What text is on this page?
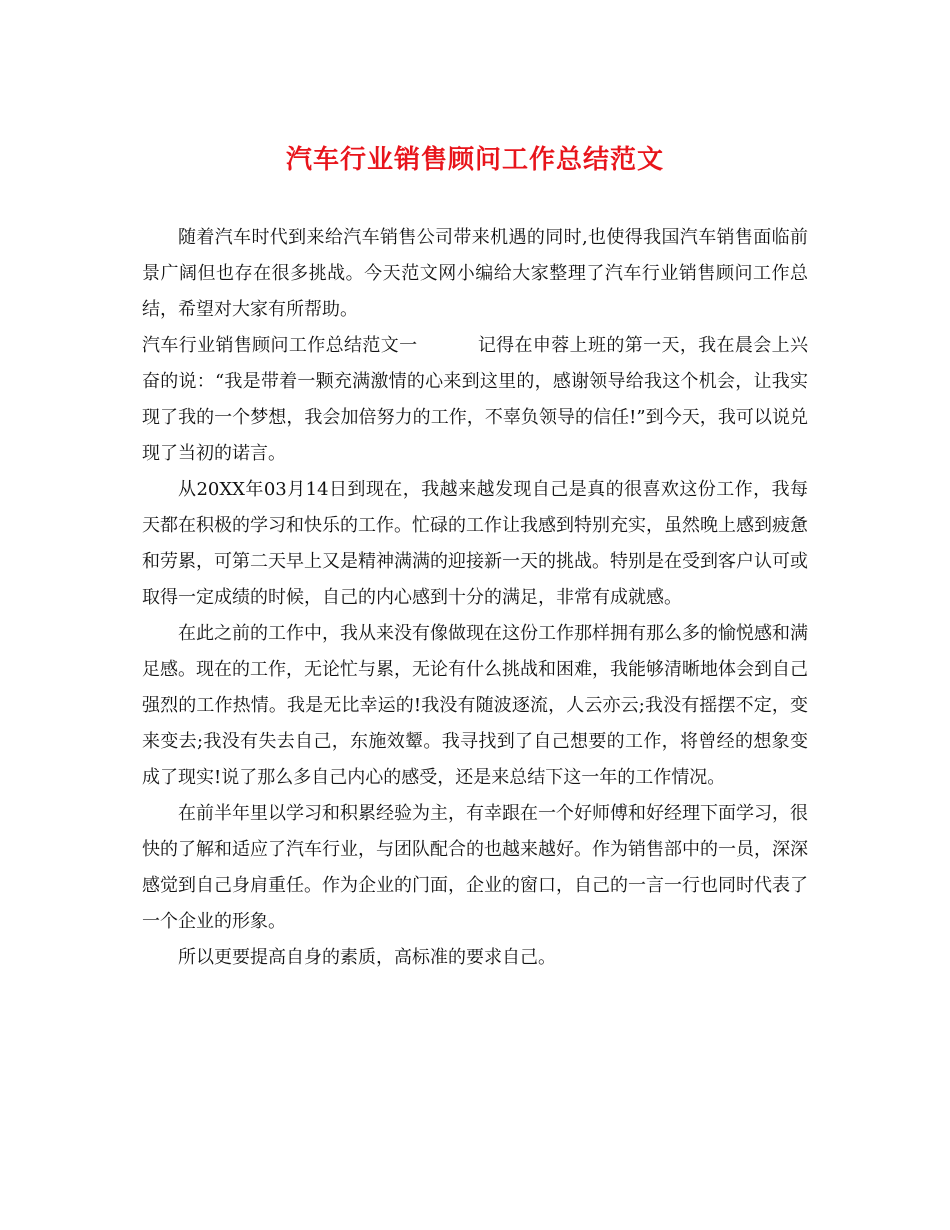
汽车行业销售顾问工作总结范文

随着汽车时代到来给汽车销售公司带来机遇的同时,也使得我国汽车销售面临前景广阔但也存在很多挑战。今天范文网小编给大家整理了汽车行业销售顾问工作总结，希望对大家有所帮助。

汽车行业销售顾问工作总结范文一	记得在申蓉上班的第一天，我在晨会上兴奋的说：“我是带着一颗充满激情的心来到这里的，感谢领导给我这个机会，让我实现了我的一个梦想，我会加倍努力的工作，不辜负领导的信任!”到今天，我可以说兑现了当初的诺言。

从20XX年03月14日到现在，我越来越发现自己是真的很喜欢这份工作，我每天都在积极的学习和快乐的工作。忙碌的工作让我感到特别充实，虽然晚上感到疲惫和劳累，可第二天早上又是精神满满的迎接新一天的挑战。特别是在受到客户认可或取得一定成绩的时候，自己的内心感到十分的满足，非常有成就感。

在此之前的工作中，我从来没有像做现在这份工作那样拥有那么多的愉悦感和满足感。现在的工作，无论忙与累，无论有什么挑战和困难，我能够清晰地体会到自己强烈的工作热情。我是无比幸运的!我没有随波逐流，人云亦云;我没有摇摆不定，变来变去;我没有失去自己，东施效颦。我寻找到了自己想要的工作，将曾经的想象变成了现实!说了那么多自己内心的感受，还是来总结下这一年的工作情况。

在前半年里以学习和积累经验为主，有幸跟在一个好师傅和好经理下面学习，很快的了解和适应了汽车行业，与团队配合的也越来越好。作为销售部中的一员，深深感觉到自己身肩重任。作为企业的门面，企业的窗口，自己的一言一行也同时代表了一个企业的形象。

所以更要提高自身的素质，高标准的要求自己。
